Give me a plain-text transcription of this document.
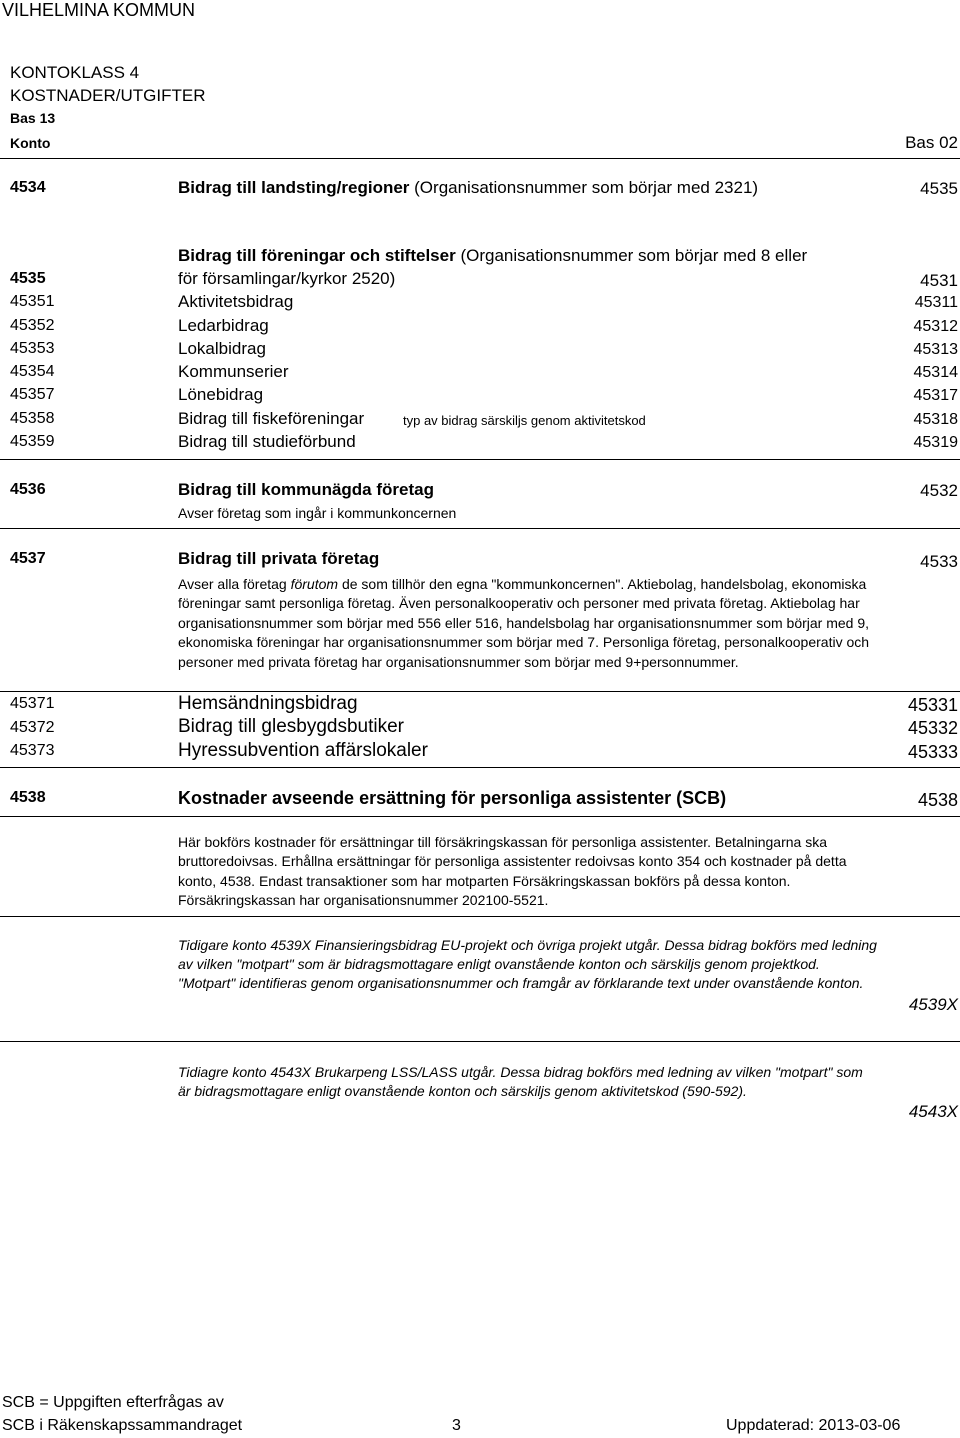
VILHELMINA KOMMUN
KONTOKLASS 4
KOSTNADER/UTGIFTER
Bas 13
Konto	Bas 02
4534	Bidrag till landsting/regioner (Organisationsnummer som börjar med 2321)	4535
Bidrag till föreningar och stiftelser (Organisationsnummer som börjar med 8 eller
4535	för församlingar/kyrkor 2520)	4531
45351	Aktivitetsbidrag	45311
45352	Ledarbidrag	45312
45353	Lokalbidrag	45313
45354	Kommunserier	45314
45357	Lönebidrag	45317
45358	Bidrag till fiskeföreningar	typ av bidrag särskiljs genom aktivitetskod	45318
45359	Bidrag till studieförbund	45319
4536	Bidrag till kommunägda företag	4532
Avser företag som ingår i kommunkoncernen
4537	Bidrag till privata företag	4533
Avser alla företag förutom de som tillhör den egna "kommunkoncernen". Aktiebolag, handelsbolag, ekonomiska föreningar samt personliga företag. Även personalkooperativ och personer med privata företag. Aktiebolag har organisationsnummer som börjar med 556 eller 516, handelsbolag har organisationsnummer som börjar med 9, ekonomiska föreningar har organisationsnummer som börjar med 7. Personliga företag, personalkooperativ och personer med privata företag har organisationsnummer som börjar med 9+personnummer.
45371	Hemsändningsbidrag	45331
45372	Bidrag till glesbygdsbutiker	45332
45373	Hyressubvention affärslokaler	45333
4538	Kostnader avseende ersättning för personliga assistenter (SCB)	4538
Här bokförs kostnader för ersättningar till försäkringskassan för personliga assistenter. Betalningarna ska bruttoredoivsas. Erhållna ersättningar för personliga assistenter redoivsas konto 354 och kostnader på detta konto, 4538. Endast transaktioner som har motparten Försäkringskassan bokförs på dessa konton. Försäkringskassan har organisationsnummer 202100-5521.
Tidigare konto 4539X Finansieringsbidrag EU-projekt och övriga projekt utgår. Dessa bidrag bokförs med ledning av vilken "motpart" som är bidragsmottagare enligt ovanstående konton och särskiljs genom projektkod. "Motpart" identifieras genom organisationsnummer och framgår av förklarande text under ovanstående konton.
4539X
Tidiagre konto 4543X Brukarpeng LSS/LASS utgår. Dessa bidrag bokförs med ledning av vilken "motpart" som är bidragsmottagare enligt ovanstående konton och särskiljs genom aktivitetskod (590-592).
4543X
SCB = Uppgiften efterfrågas av
SCB i Räkenskapssammandraget	3	Uppdaterad: 2013-03-06
